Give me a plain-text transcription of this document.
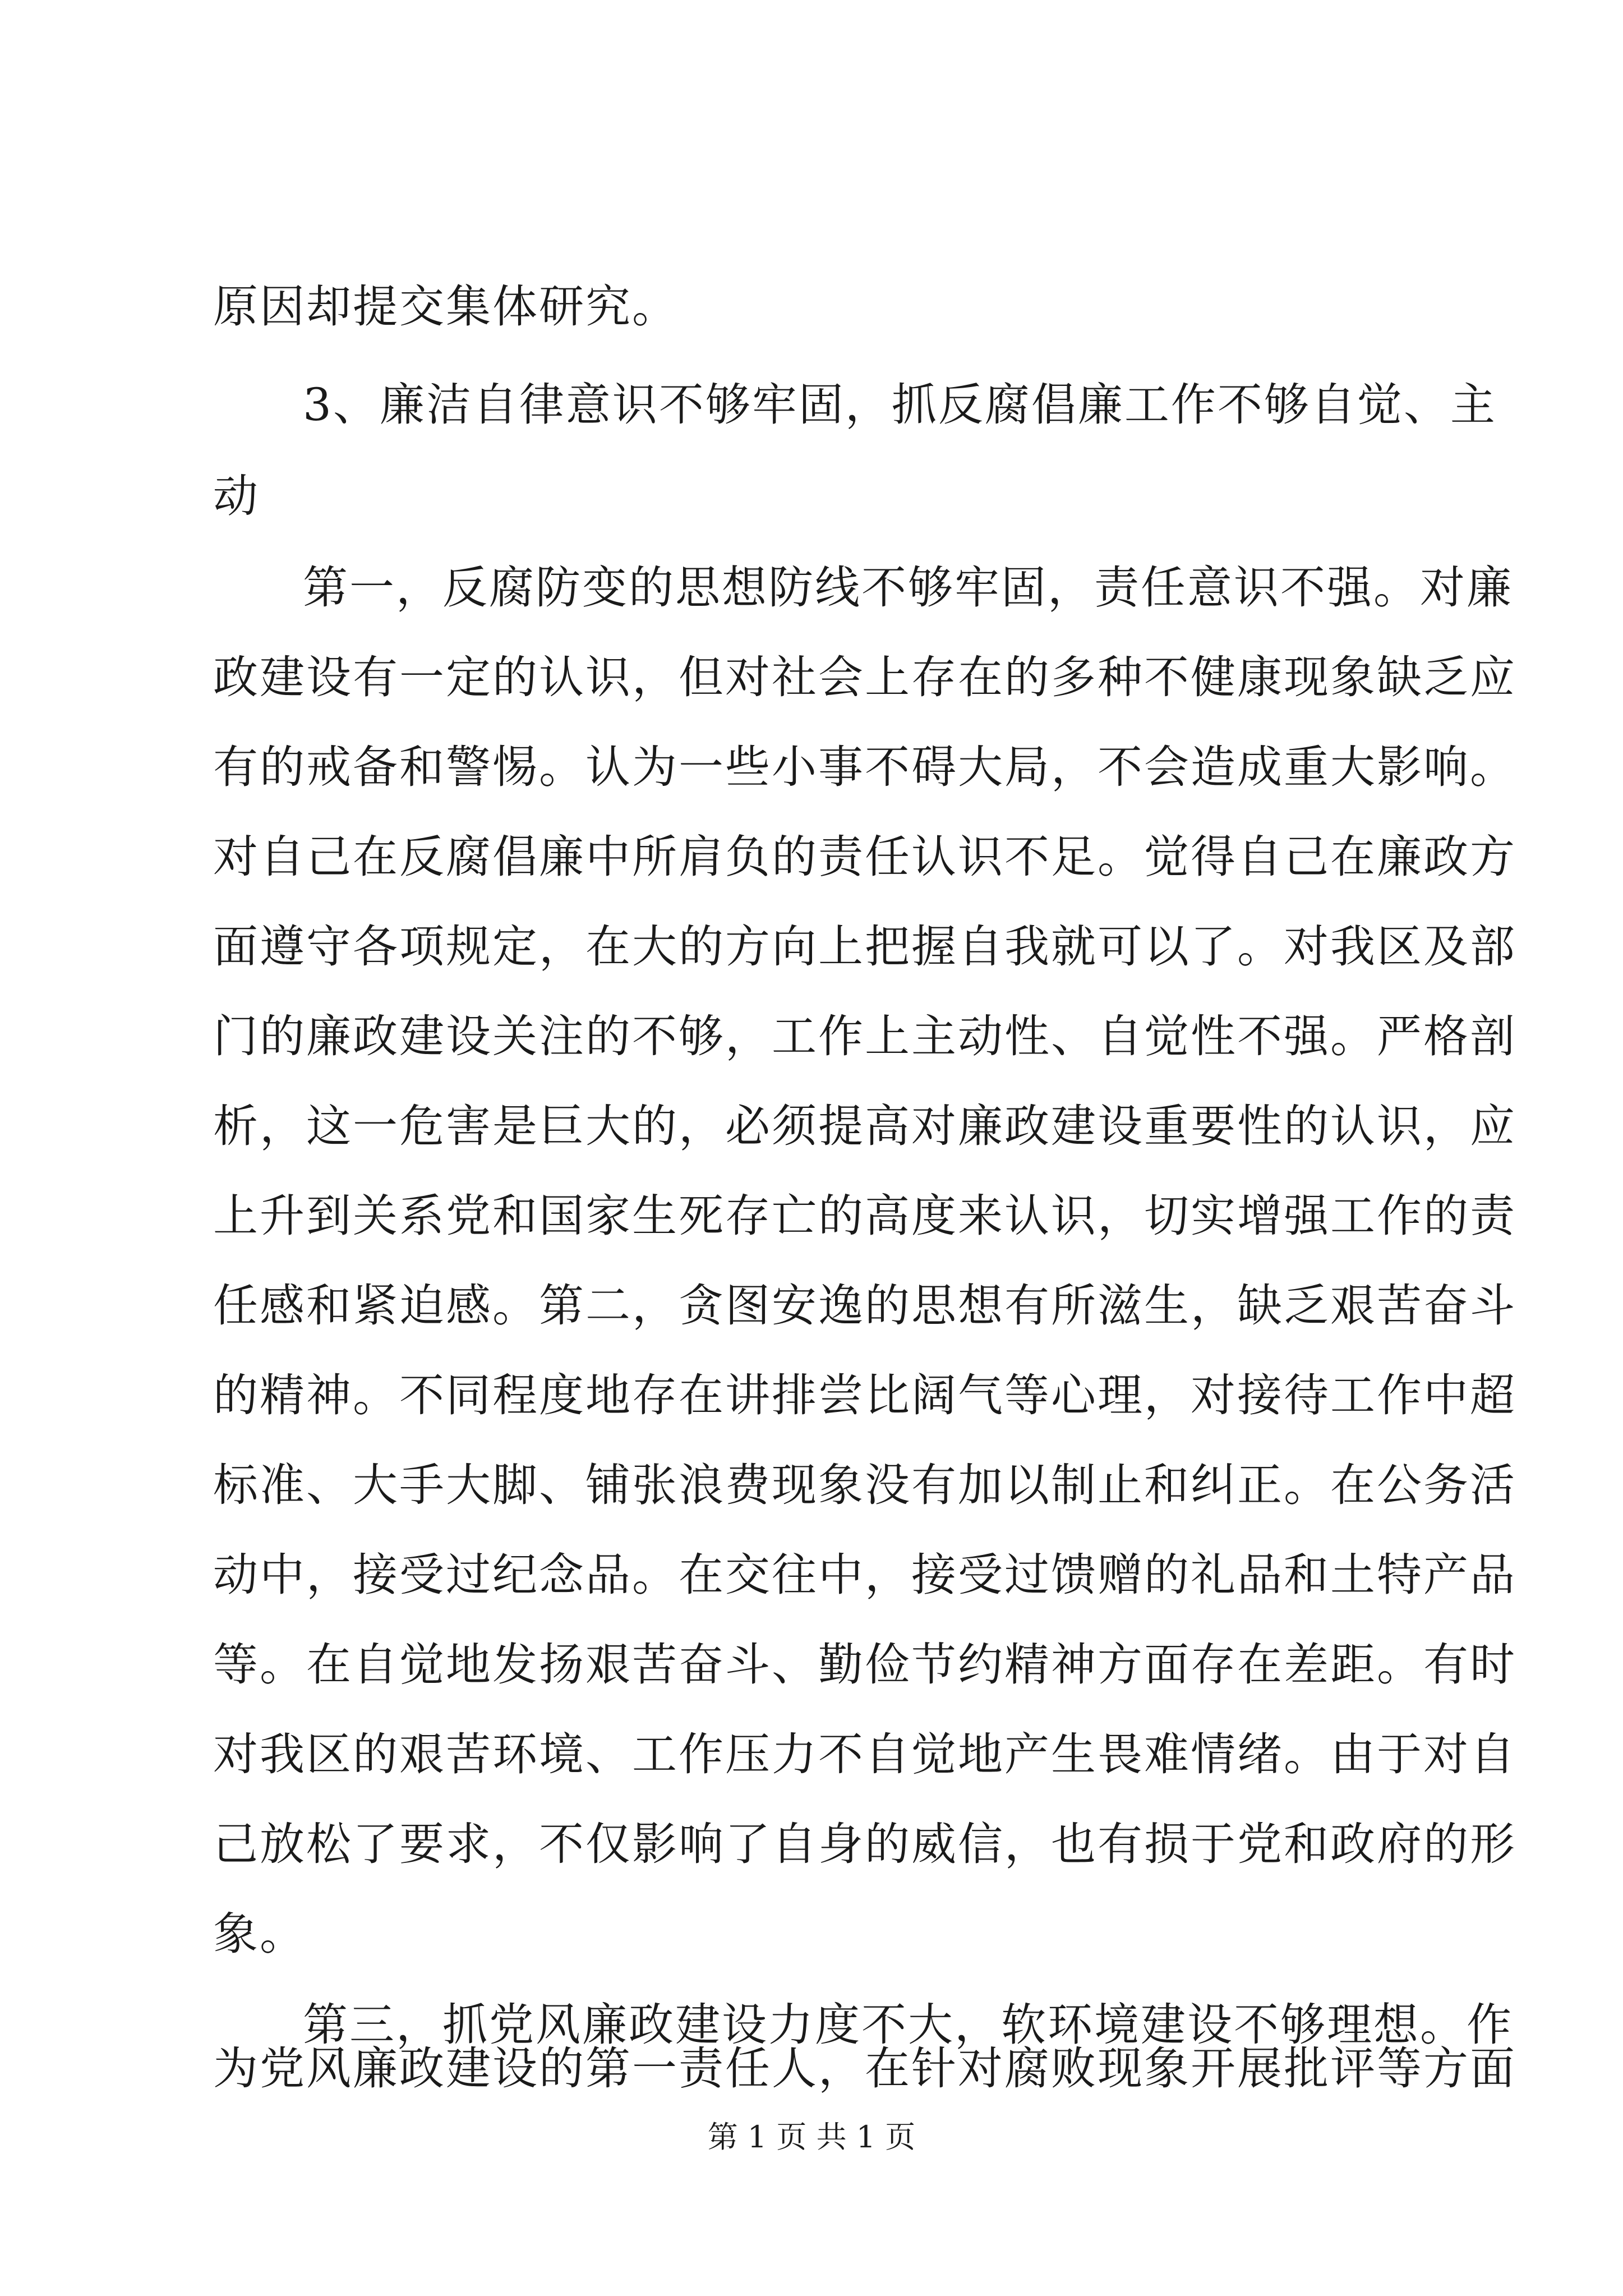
原因却提交集体研究。
3、廉洁自律意识不够牢固，抓反腐倡廉工作不够自觉、主
动
第一，反腐防变的思想防线不够牢固，责任意识不强。对廉
政建设有一定的认识，但对社会上存在的多种不健康现象缺乏应
有的戒备和警惕。认为一些小事不碍大局，不会造成重大影响。
对自己在反腐倡廉中所肩负的责任认识不足。觉得自己在廉政方
面遵守各项规定，在大的方向上把握自我就可以了。对我区及部
门的廉政建设关注的不够，工作上主动性、自觉性不强。严格剖
析，这一危害是巨大的，必须提高对廉政建设重要性的认识，应
上升到关系党和国家生死存亡的高度来认识，切实增强工作的责
任感和紧迫感。第二，贪图安逸的思想有所滋生，缺乏艰苦奋斗
的精神。不同程度地存在讲排尝比阔气等心理，对接待工作中超
标准、大手大脚、铺张浪费现象没有加以制止和纠正。在公务活
动中，接受过纪念品。在交往中，接受过馈赠的礼品和土特产品
等。在自觉地发扬艰苦奋斗、勤俭节约精神方面存在差距。有时
对我区的艰苦环境、工作压力不自觉地产生畏难情绪。由于对自
己放松了要求，不仅影响了自身的威信，也有损于党和政府的形
象。
第三，抓党风廉政建设力度不大，软环境建设不够理想。作
为党风廉政建设的第一责任人，在针对腐败现象开展批评等方面
第 1 页 共 1 页
